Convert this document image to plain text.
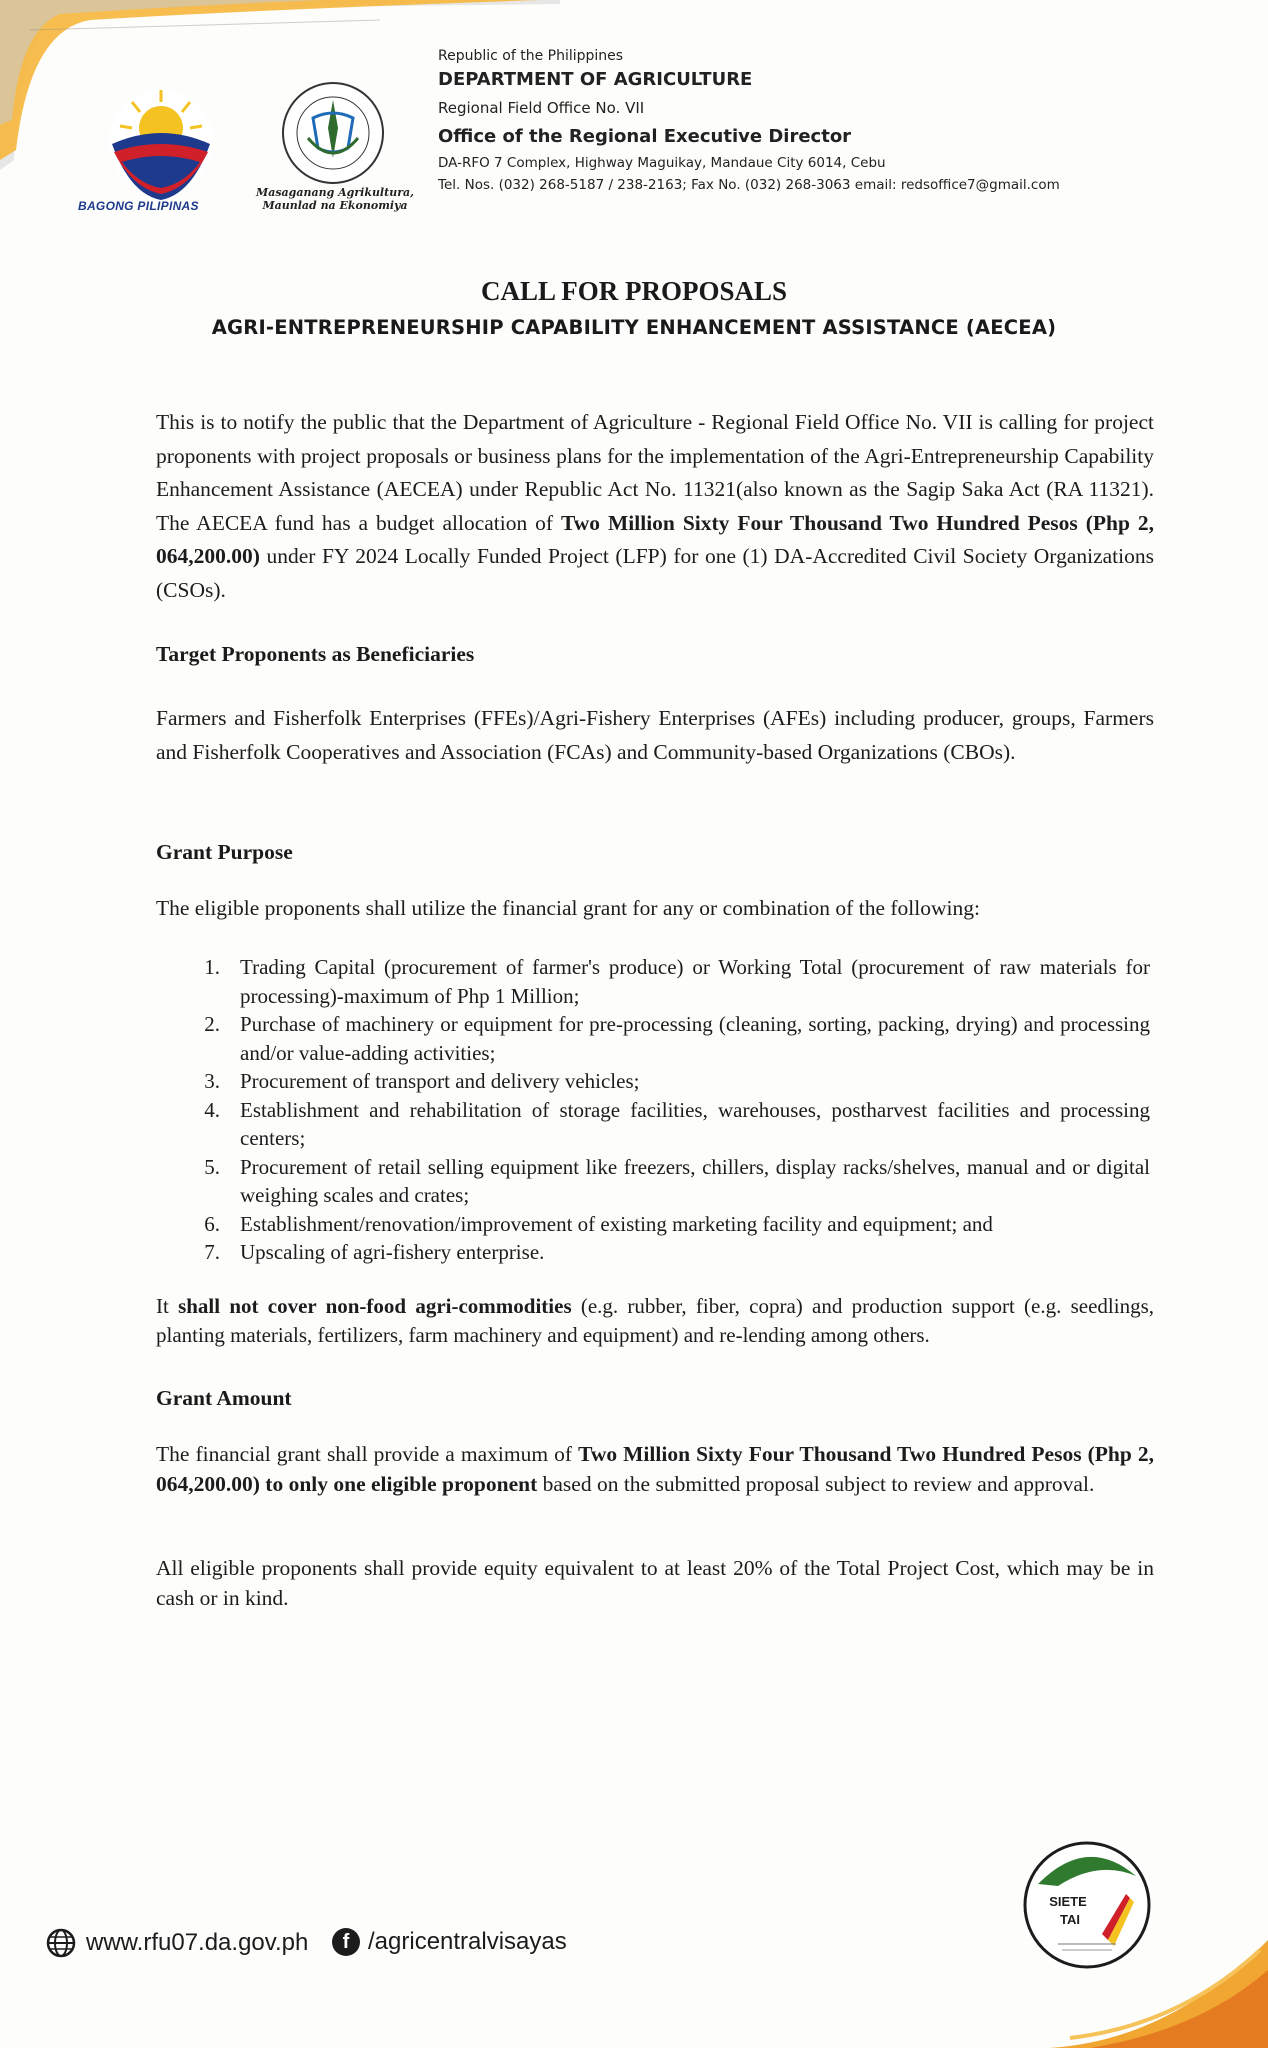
BAGONG PILIPINAS
Masaganang Agrikultura,
Maunlad na Ekonomiya
Republic of the Philippines
DEPARTMENT OF AGRICULTURE
Regional Field Office No. VII
Office of the Regional Executive Director
DA-RFO 7 Complex, Highway Maguikay, Mandaue City 6014, Cebu
Tel. Nos. (032) 268-5187 / 238-2163; Fax No. (032) 268-3063 email: redsoffice7@gmail.com
CALL FOR PROPOSALS
AGRI-ENTREPRENEURSHIP CAPABILITY ENHANCEMENT ASSISTANCE (AECEA)
This is to notify the public that the Department of Agriculture - Regional Field Office No. VII is calling for project proponents with project proposals or business plans for the implementation of the Agri-Entrepreneurship Capability Enhancement Assistance (AECEA) under Republic Act No. 11321(also known as the Sagip Saka Act (RA 11321). The AECEA fund has a budget allocation of Two Million Sixty Four Thousand Two Hundred Pesos (Php 2, 064,200.00) under FY 2024 Locally Funded Project (LFP) for one (1) DA-Accredited Civil Society Organizations (CSOs).
Target Proponents as Beneficiaries
Farmers and Fisherfolk Enterprises (FFEs)/Agri-Fishery Enterprises (AFEs) including producer, groups, Farmers and Fisherfolk Cooperatives and Association (FCAs) and Community-based Organizations (CBOs).
Grant Purpose
The eligible proponents shall utilize the financial grant for any or combination of the following:
1. Trading Capital (procurement of farmer's produce) or Working Total (procurement of raw materials for processing)-maximum of Php 1 Million;
2. Purchase of machinery or equipment for pre-processing (cleaning, sorting, packing, drying) and processing and/or value-adding activities;
3. Procurement of transport and delivery vehicles;
4. Establishment and rehabilitation of storage facilities, warehouses, postharvest facilities and processing centers;
5. Procurement of retail selling equipment like freezers, chillers, display racks/shelves, manual and or digital weighing scales and crates;
6. Establishment/renovation/improvement of existing marketing facility and equipment; and
7. Upscaling of agri-fishery enterprise.
It shall not cover non-food agri-commodities (e.g. rubber, fiber, copra) and production support (e.g. seedlings, planting materials, fertilizers, farm machinery and equipment) and re-lending among others.
Grant Amount
The financial grant shall provide a maximum of Two Million Sixty Four Thousand Two Hundred Pesos (Php 2, 064,200.00) to only one eligible proponent based on the submitted proposal subject to review and approval.
All eligible proponents shall provide equity equivalent to at least 20% of the Total Project Cost, which may be in cash or in kind.
www.rfu07.da.gov.ph	f /agricentralvisayas
SIETE
TAI
